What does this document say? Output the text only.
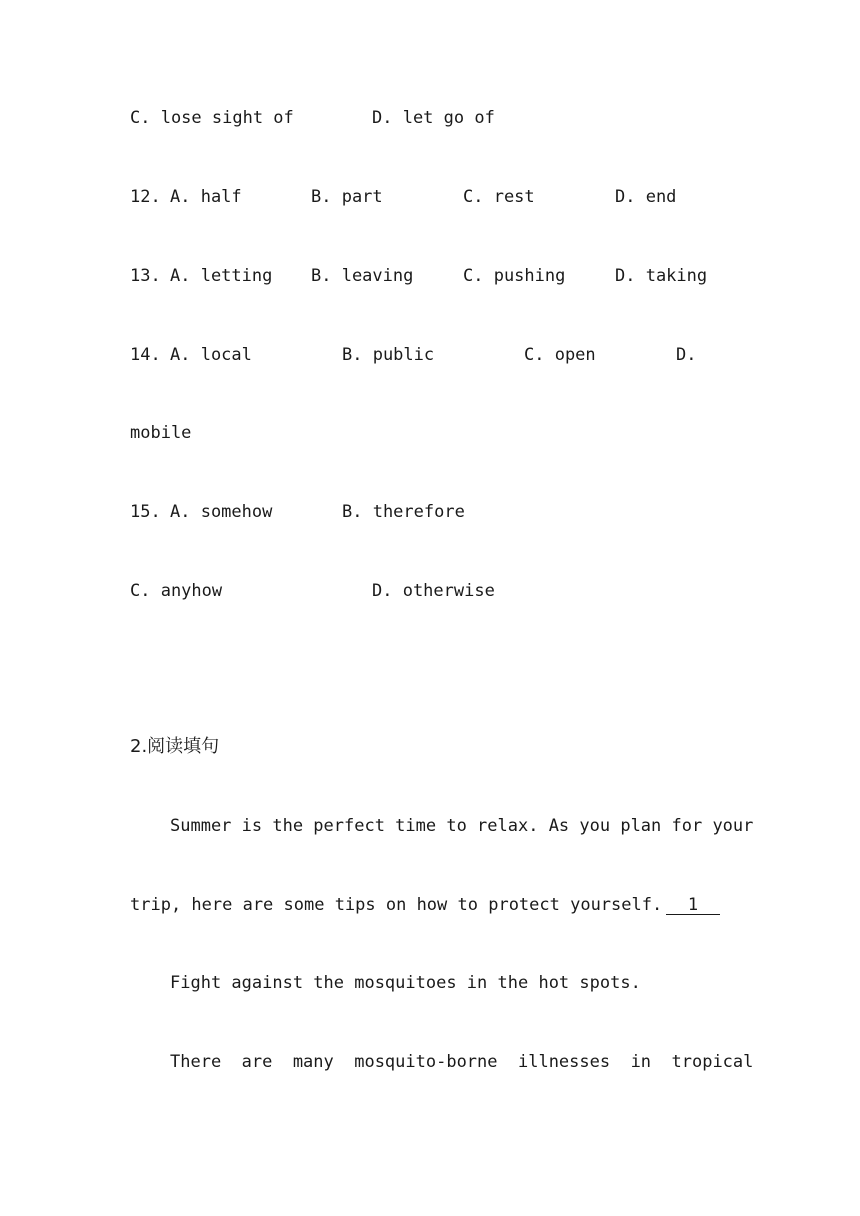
C. lose sight of	D. let go of
12. A. half	B. part	C. rest	D. end
13. A. letting B. leaving	C. pushing	D. taking
14. A. local	B. public	C. open	D.
mobile
15. A. somehow	B. therefore
C. anyhow	D. otherwise
2.阅读填句
Summer is the perfect time to relax. As you plan for your
trip, here are some tips on how to protect yourself.	1
Fight against the mosquitoes in the hot spots.
There  are  many  mosquito-borne  illnesses  in  tropical
